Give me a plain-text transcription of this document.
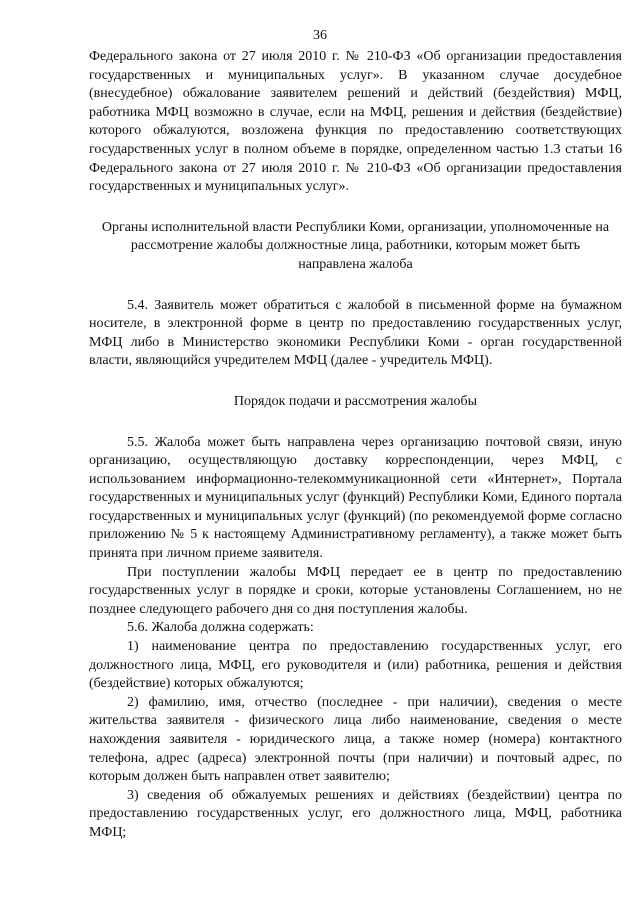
36

Федерального закона от 27 июля 2010 г. № 210-ФЗ «Об организации предоставления государственных и муниципальных услуг». В указанном случае досудебное (внесудебное) обжалование заявителем решений и действий (бездействия) МФЦ, работника МФЦ возможно в случае, если на МФЦ, решения и действия (бездействие) которого обжалуются, возложена функция по предоставлению соответствующих государственных услуг в полном объеме в порядке, определенном частью 1.3 статьи 16 Федерального закона от 27 июля 2010 г. № 210-ФЗ «Об организации предоставления государственных и муниципальных услуг».

Органы исполнительной власти Республики Коми, организации, уполномоченные на рассмотрение жалобы должностные лица, работники, которым может быть направлена жалоба

5.4. Заявитель может обратиться с жалобой в письменной форме на бумажном носителе, в электронной форме в центр по предоставлению государственных услуг, МФЦ либо в Министерство экономики Республики Коми - орган государственной власти, являющийся учредителем МФЦ (далее - учредитель МФЦ).

Порядок подачи и рассмотрения жалобы

5.5. Жалоба может быть направлена через организацию почтовой связи, иную организацию, осуществляющую доставку корреспонденции, через МФЦ, с использованием информационно-телекоммуникационной сети «Интернет», Портала государственных и муниципальных услуг (функций) Республики Коми, Единого портала государственных и муниципальных услуг (функций) (по рекомендуемой форме согласно приложению № 5 к настоящему Административному регламенту), а также может быть принята при личном приеме заявителя.

При поступлении жалобы МФЦ передает ее в центр по предоставлению государственных услуг в порядке и сроки, которые установлены Соглашением, но не позднее следующего рабочего дня со дня поступления жалобы.

5.6. Жалоба должна содержать:

1) наименование центра по предоставлению государственных услуг, его должностного лица, МФЦ, его руководителя и (или) работника, решения и действия (бездействие) которых обжалуются;

2) фамилию, имя, отчество (последнее - при наличии), сведения о месте жительства заявителя - физического лица либо наименование, сведения о месте нахождения заявителя - юридического лица, а также номер (номера) контактного телефона, адрес (адреса) электронной почты (при наличии) и почтовый адрес, по которым должен быть направлен ответ заявителю;

3) сведения об обжалуемых решениях и действиях (бездействии) центра по предоставлению государственных услуг, его должностного лица, МФЦ, работника МФЦ;
